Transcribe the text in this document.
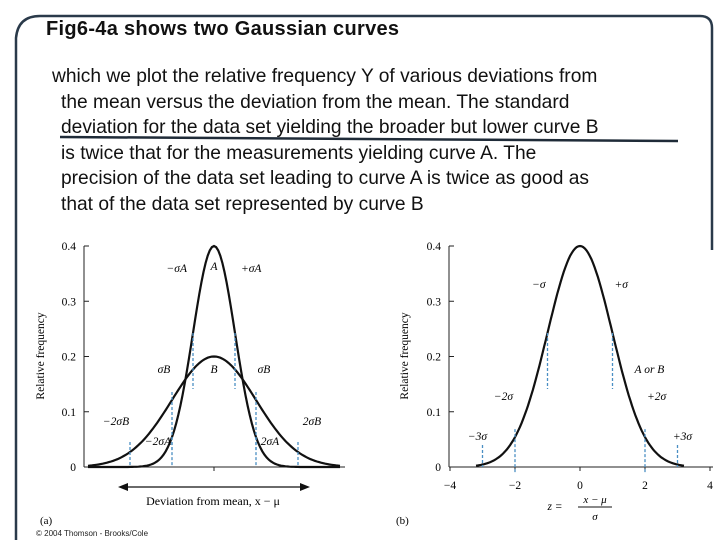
Fig6-4a shows two Gaussian curves
which we plot the relative frequency Y of various deviations from
the mean versus the deviation from the mean. The standard
deviation for the data set yielding the broader but lower curve B
is twice that for the measurements yielding curve A. The
precision of the data set leading to curve A is twice as good as
that of the data set represented by curve B
0
0.1
0.2
0.3
0.4
−σA	+σA
σB	σB
−2σB	2σB
−2σA	2σA
A
B
Relative frequency
Deviation from mean, x − μ
(a)
0
0.1
0.2
0.3
0.4
−4	−2	0	2	4
−σ	+σ
−2σ	+2σ
−3σ	+3σ
A or B
z =
x − μ
σ
Relative frequency
(b)
© 2004 Thomson - Brooks/Cole
